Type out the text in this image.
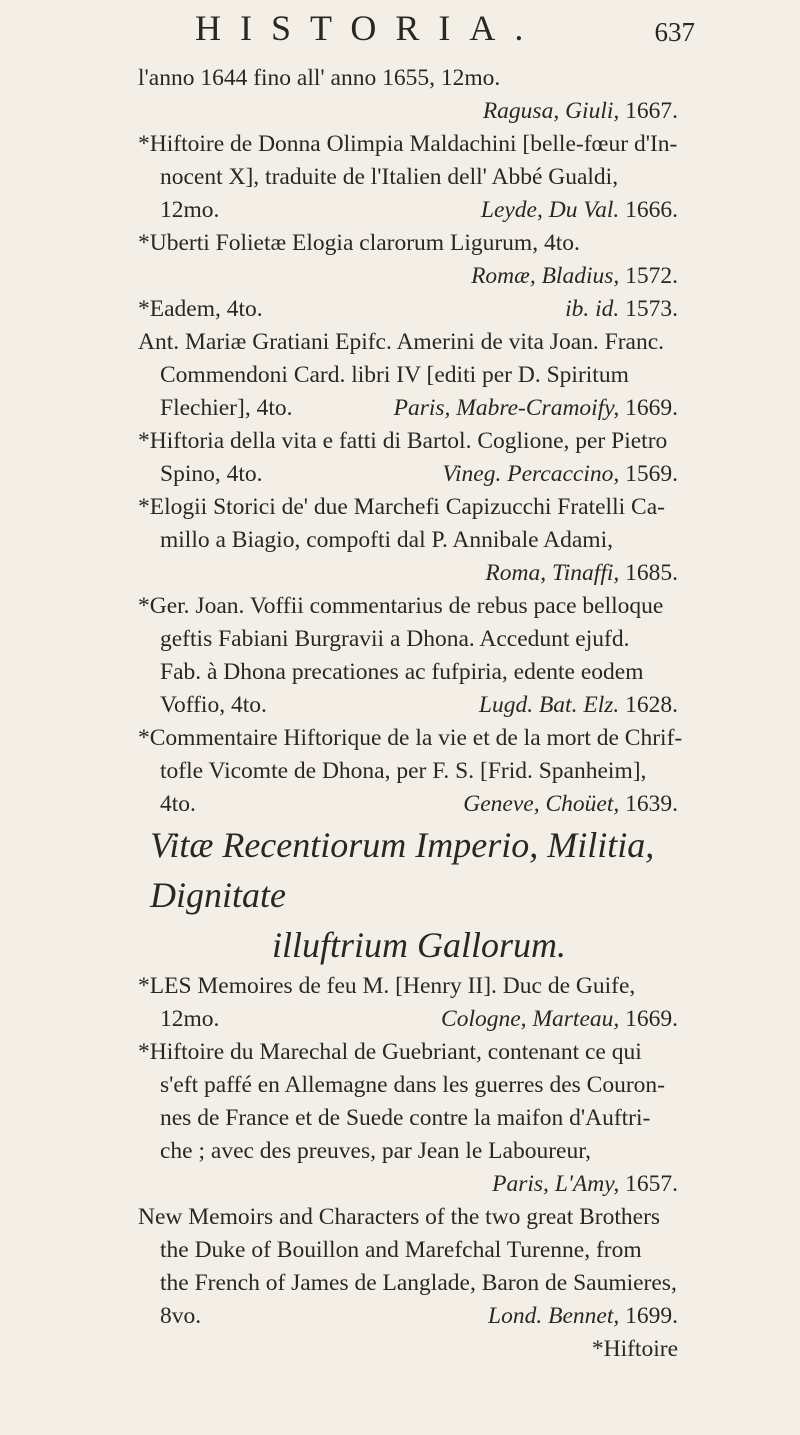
HISTORIA.	637
l'anno 1644 fino all' anno 1655, 12mo.
Ragusa, Giuli, 1667.
*Hiftoire de Donna Olimpia Maldachini [belle-fœur d'In-
nocent X], traduite de l'Italien dell' Abbé Gualdi,
12mo.	Leyde, Du Val. 1666.
*Uberti Folietæ Elogia clarorum Ligurum, 4to.
Romæ, Bladius, 1572.
*Eadem, 4to.	ib. id. 1573.
Ant. Mariæ Gratiani Epifc. Amerini de vita Joan. Franc.
Commendoni Card. libri IV [editi per D. Spiritum
Flechier], 4to.	Paris, Mabre-Cramoify, 1669.
*Hiftoria della vita e fatti di Bartol. Coglione, per Pietro
Spino, 4to.	Vineg. Percaccino, 1569.
*Elogii Storici de' due Marchefi Capizucchi Fratelli Ca-
millo a Biagio, compofti dal P. Annibale Adami,
Roma, Tinaffi, 1685.
*Ger. Joan. Voffii commentarius de rebus pace belloque
geftis Fabiani Burgravii a Dhona. Accedunt ejufd.
Fab. à Dhona precationes ac fufpiria, edente eodem
Voffio, 4to.	Lugd. Bat. Elz. 1628.
*Commentaire Hiftorique de la vie et de la mort de Chrif-
tofle Vicomte de Dhona, per F. S. [Frid. Spanheim],
4to.	Geneve, Choüet, 1639.
Vitæ Recentiorum Imperio, Militia, Dignitate
illuftrium Gallorum.
*LES Memoires de feu M. [Henry II]. Duc de Guife,
12mo.	Cologne, Marteau, 1669.
*Hiftoire du Marechal de Guebriant, contenant ce qui
s'eft paffé en Allemagne dans les guerres des Couron-
nes de France et de Suede contre la maifon d'Auftri-
che ; avec des preuves, par Jean le Laboureur,
Paris, L'Amy, 1657.
New Memoirs and Characters of the two great Brothers
the Duke of Bouillon and Marefchal Turenne, from
the French of James de Langlade, Baron de Saumieres,
8vo.	Lond. Bennet, 1699.
*Hiftoire
